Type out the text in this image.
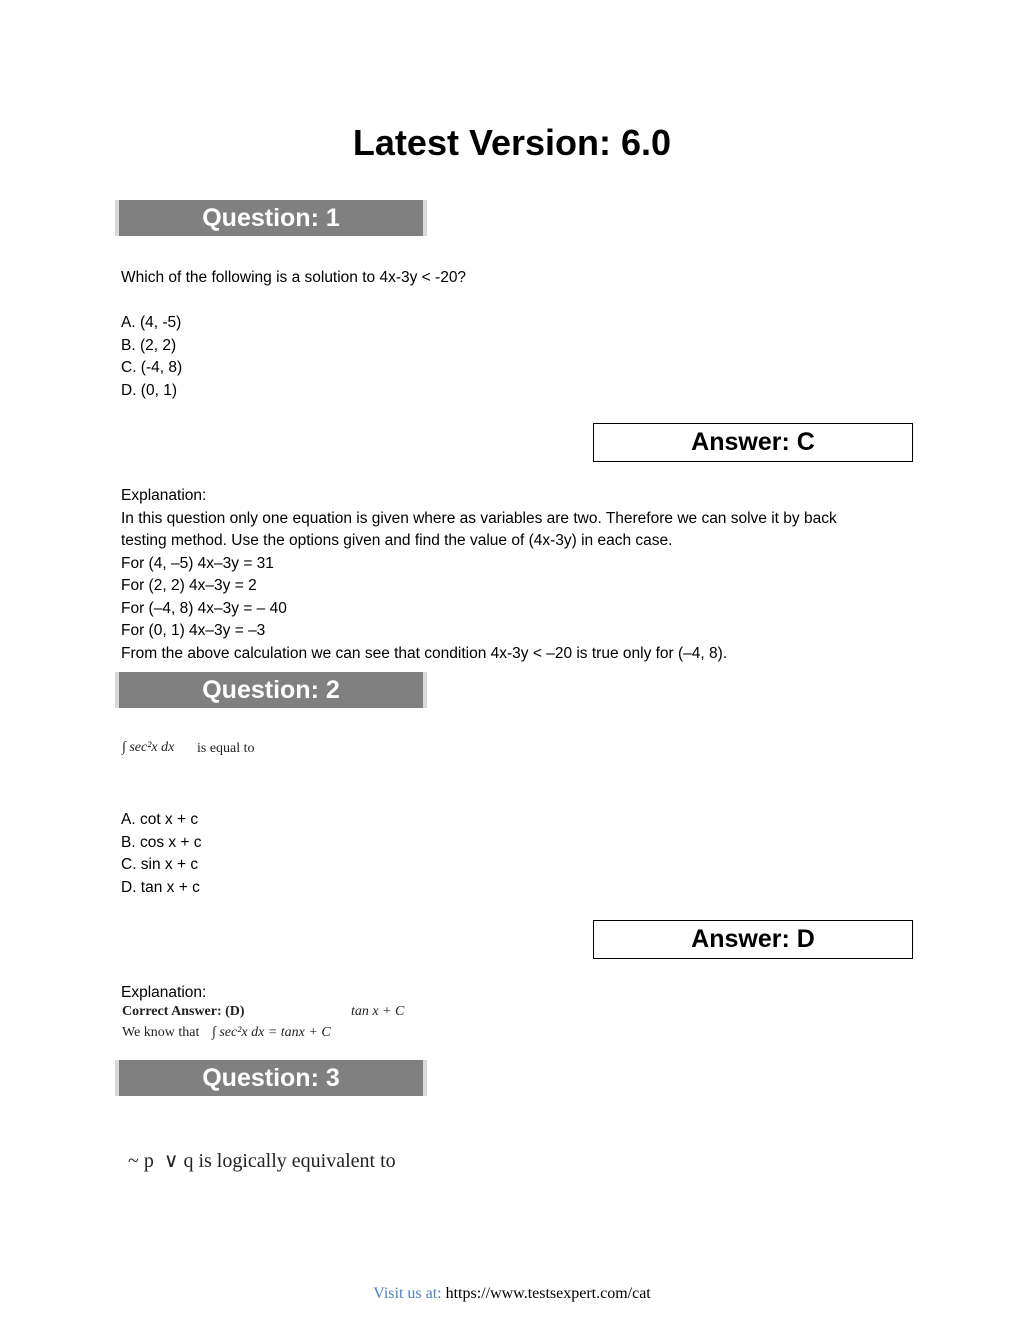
Latest Version: 6.0
Question: 1
Which of the following is a solution to 4x-3y < -20?
A. (4, -5)
B. (2, 2)
C. (-4, 8)
D. (0, 1)
Answer: C
Explanation:
In this question only one equation is given where as variables are two. Therefore we can solve it by back
testing method. Use the options given and find the value of (4x-3y) in each case.
For (4, –5) 4x–3y = 31
For (2, 2) 4x–3y = 2
For (–4, 8) 4x–3y = – 40
For (0, 1) 4x–3y = –3
From the above calculation we can see that condition 4x-3y < –20 is true only for (–4, 8).
Question: 2
∫ sec²x dx is equal to
A. cot x + c
B. cos x + c
C. sin x + c
D. tan x + c
Answer: D
Explanation:
Correct Answer: (D)	tan x + C
We know that ∫ sec²x dx = tanx + C
Question: 3
~ p  ∨ q is logically equivalent to
Visit us at: https://www.testsexpert.com/cat
